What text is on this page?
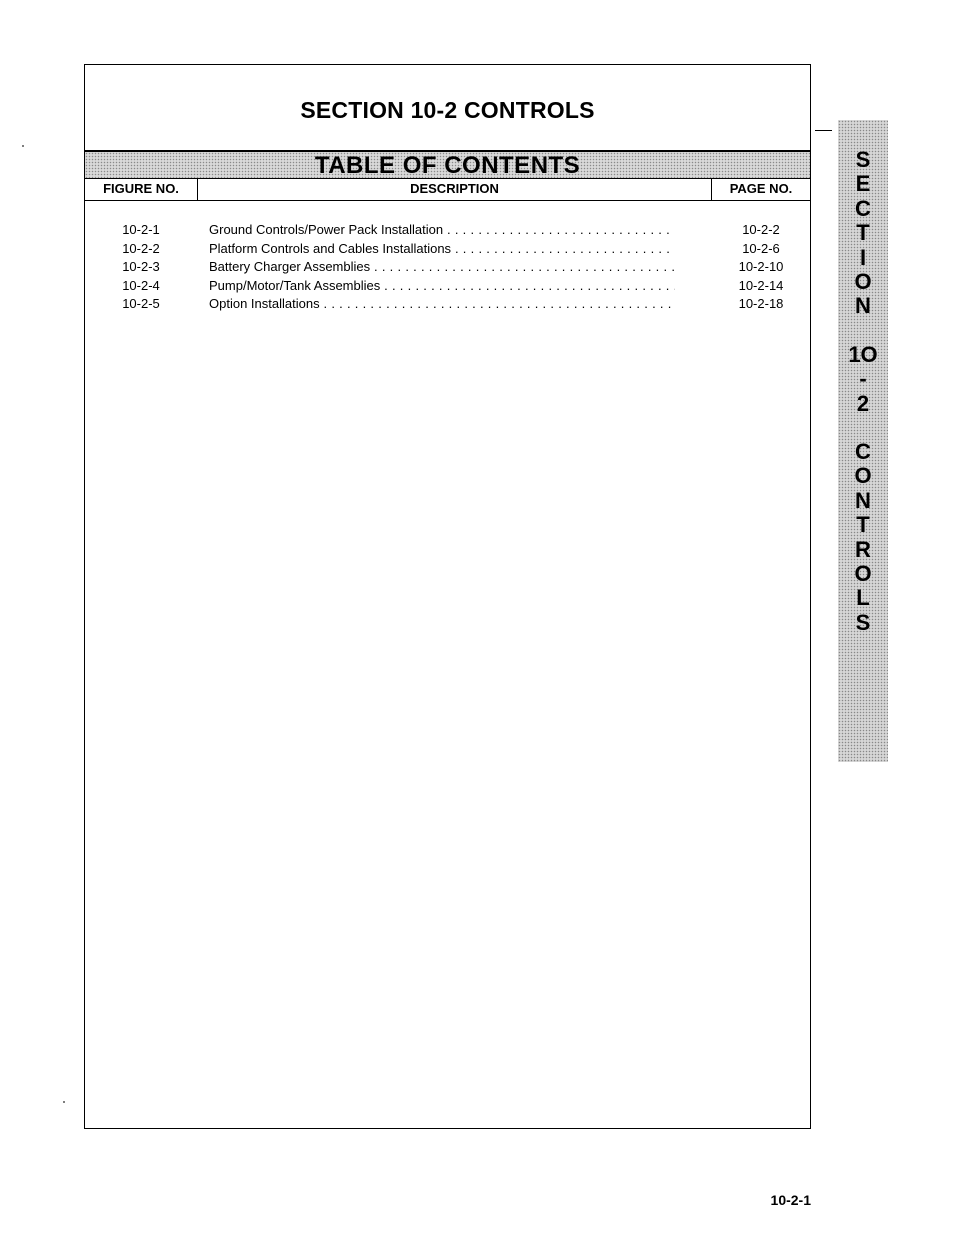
SECTION 10-2 CONTROLS
TABLE OF CONTENTS
FIGURE NO.	DESCRIPTION	PAGE NO.
10-2-1	Ground Controls/Power Pack Installation . . .	10-2-2
10-2-2	Platform Controls and Cables Installations . . .	10-2-6
10-2-3	Battery Charger Assemblies . . .	10-2-10
10-2-4	Pump/Motor/Tank Assemblies . . .	10-2-14
10-2-5	Option Installations . . .	10-2-18
S
E
C
T
I
O
N
1O
-
2
C
O
N
T
R
O
L
S
10-2-1
